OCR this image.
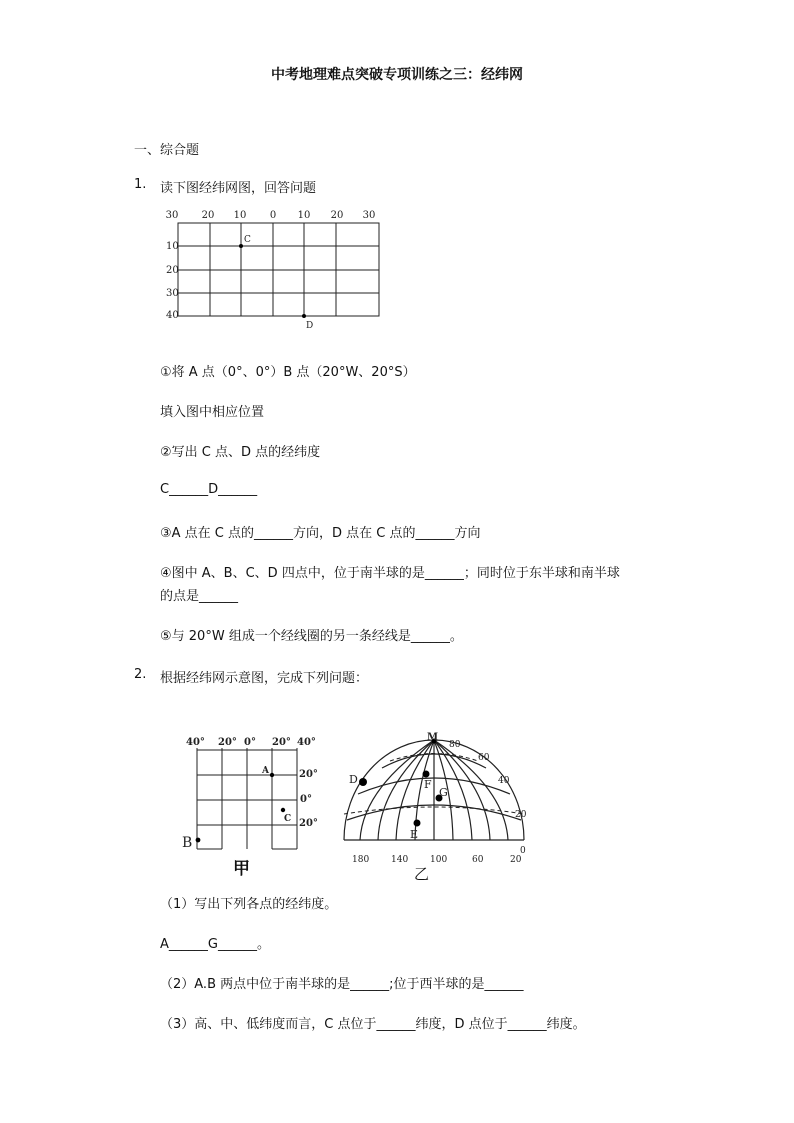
中考地理难点突破专项训练之三：经纬网
一、综合题
1. 读下图经纬网图，回答问题
30 20 10 0 10 20 30
10
20
30
40
C
D
①将 A 点（0°、0°）B 点（20°W、20°S）
填入图中相应位置
②写出 C 点、D 点的经纬度
C______D______
③A 点在 C 点的______方向，D 点在 C 点的______方向
④图中 A、B、C、D 四点中，位于南半球的是______；同时位于东半球和南半球
的点是______
⑤与 20°W 组成一个经线圈的另一条经线是______。
2. 根据经纬网示意图，完成下列问题：
40° 20° 0° 20° 40°
20°
0°
20°
A
C
B
甲
M
D	F
G
E
80
60
40
20
0
180 140 100	60	20
乙
（1）写出下列各点的经纬度。
A______G______。
（2）A.B 两点中位于南半球的是______;位于西半球的是______
（3）高、中、低纬度而言，C 点位于______纬度，D 点位于______纬度。
